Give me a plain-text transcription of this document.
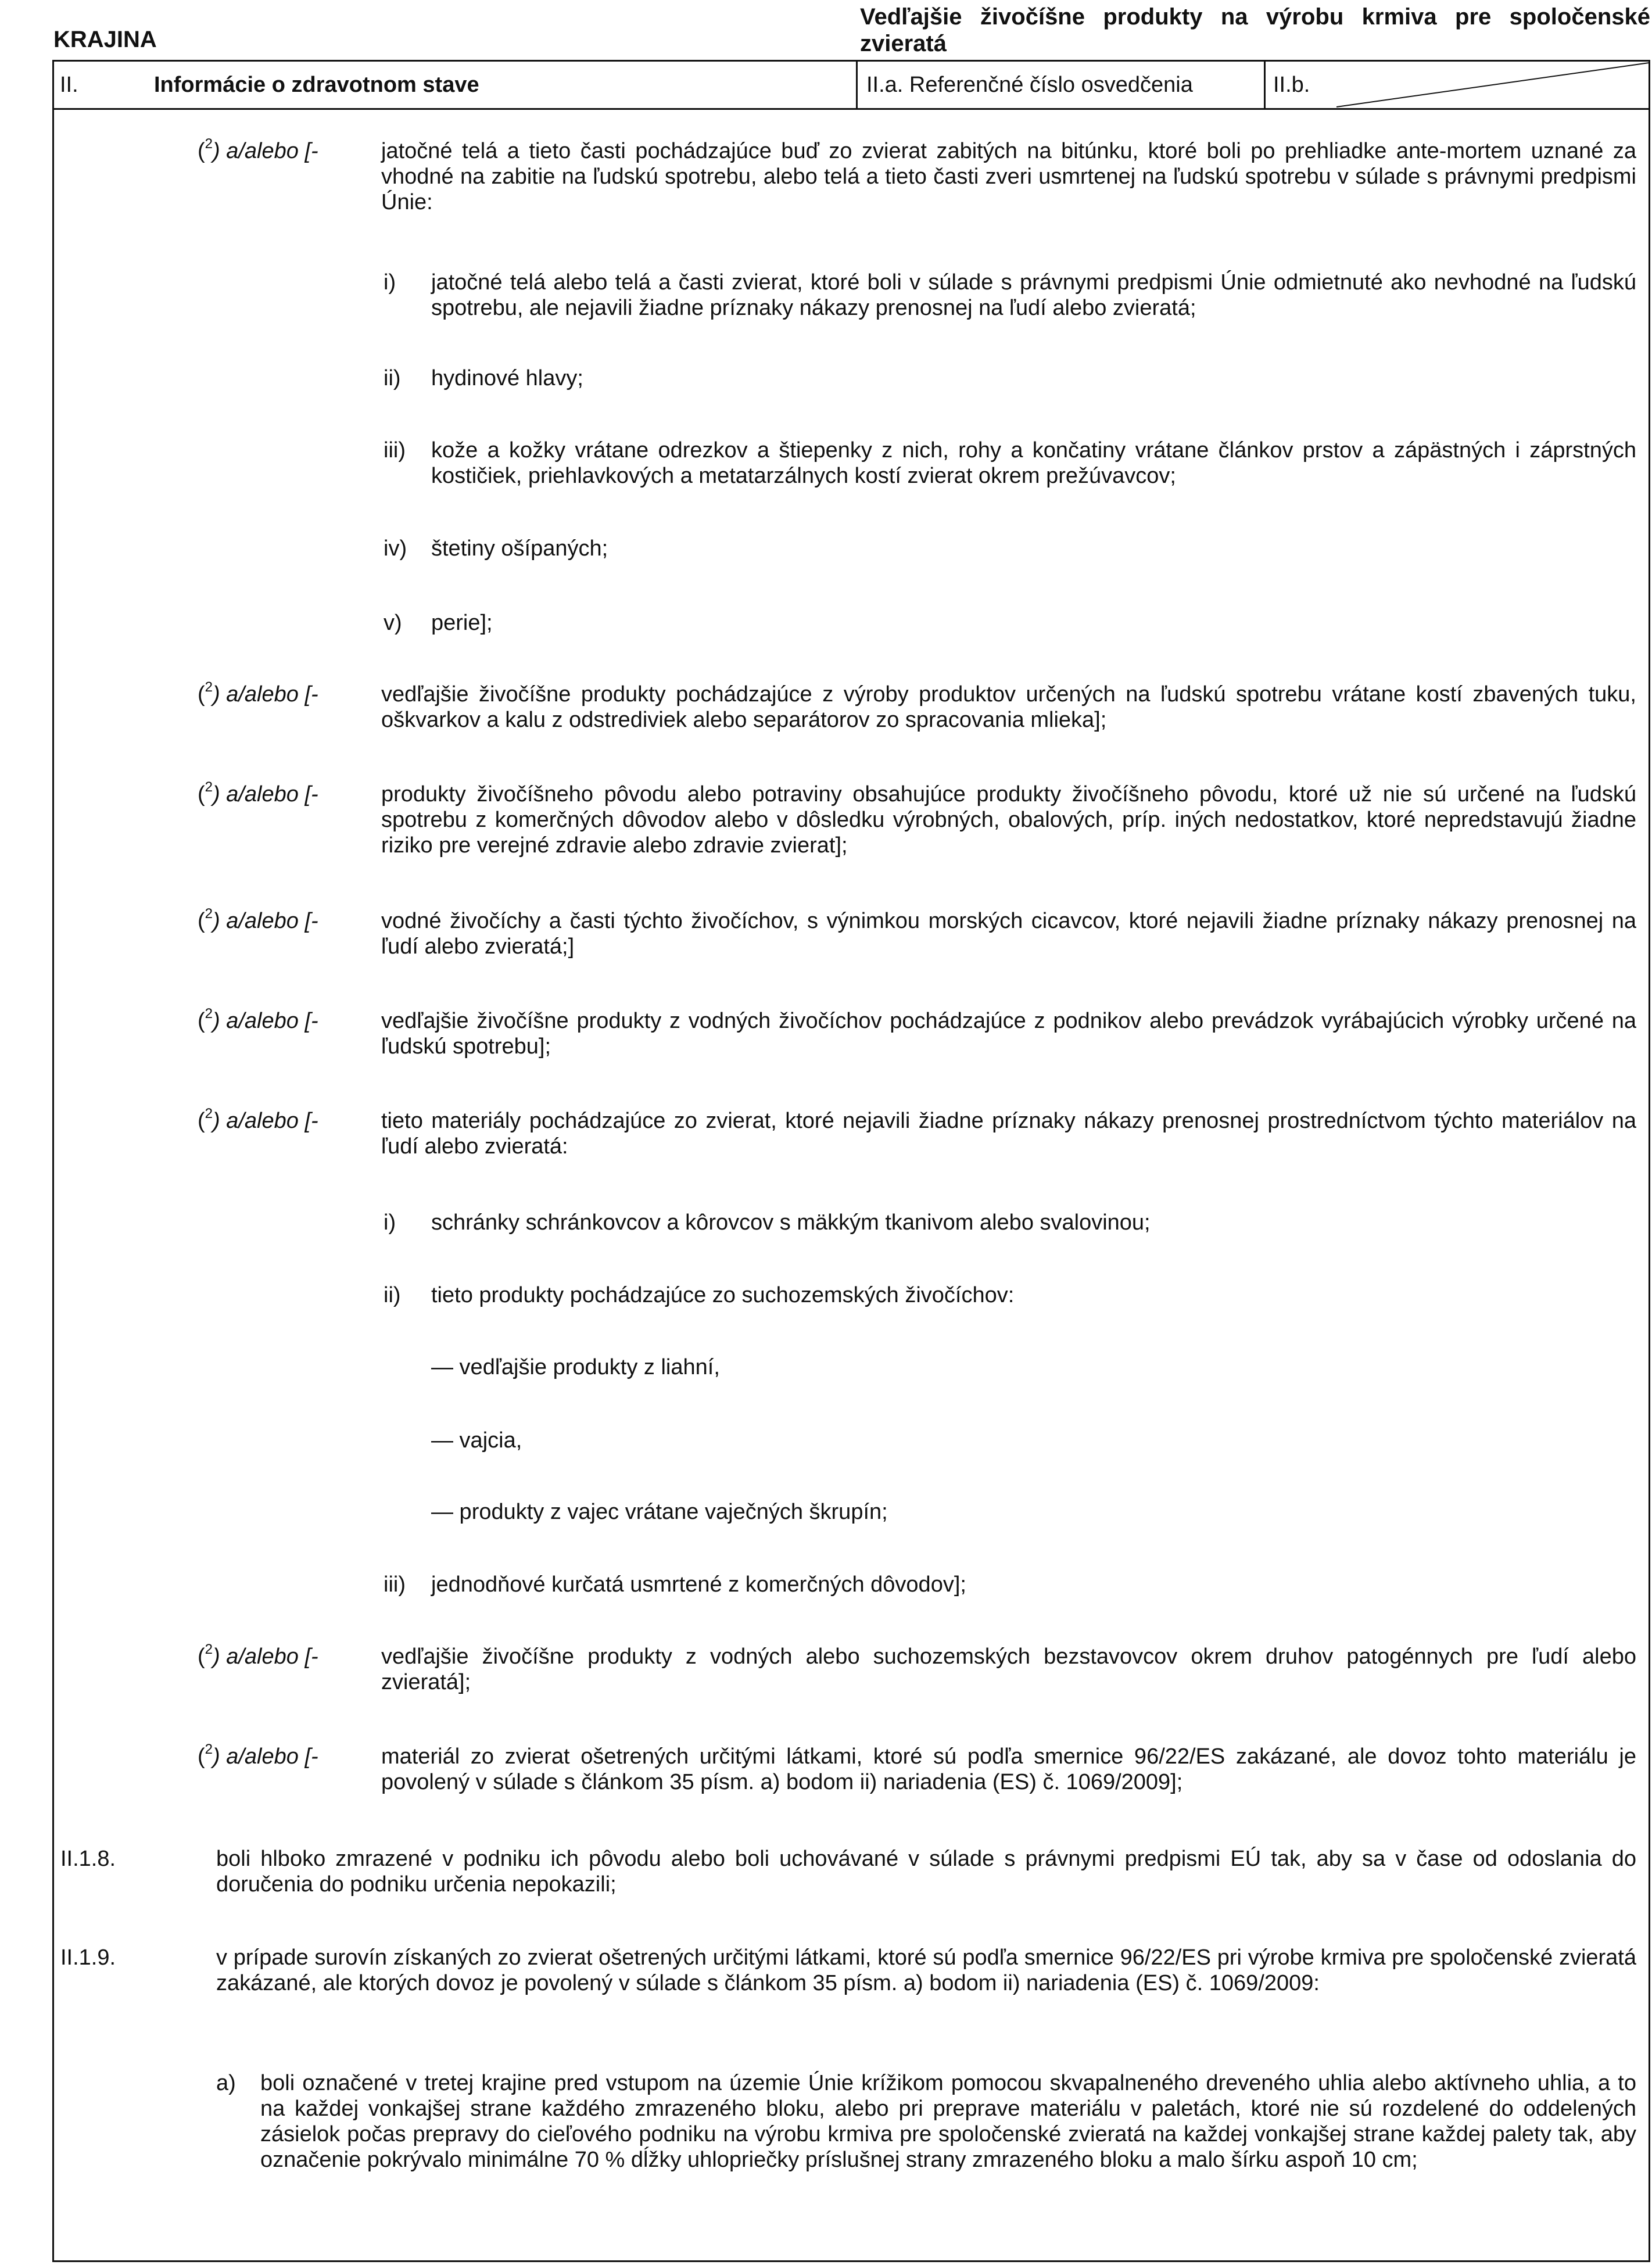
KRAJINA
Vedľajšie živočíšne produkty na výrobu krmiva pre spoločenské zvieratá
II.	Informácie o zdravotnom stave	II.a. Referenčné číslo osvedčenia	II.b.
($^2$) a/alebo [-	jatočné telá a tieto časti pochádzajúce buď zo zvierat zabitých na bitúnku, ktoré boli po prehliadke ante-mortem uznané za vhodné na zabitie na ľudskú spotrebu, alebo telá a tieto časti zveri usmrtenej na ľudskú spotrebu v súlade s právnymi predpismi Únie:
i) jatočné telá alebo telá a časti zvierat, ktoré boli v súlade s právnymi predpismi Únie odmietnuté ako nevhodné na ľudskú spotrebu, ale nejavili žiadne príznaky nákazy prenosnej na ľudí alebo zvieratá;
ii) hydinové hlavy;
iii) kože a kožky vrátane odrezkov a štiepenky z nich, rohy a končatiny vrátane článkov prstov a zápästných i záprstných kostičiek, priehlavkových a metatarzálnych kostí zvierat okrem prežúvavcov;
iv) štetiny ošípaných;
v) perie];
($^2$) a/alebo [-	vedľajšie živočíšne produkty pochádzajúce z výroby produktov určených na ľudskú spotrebu vrátane kostí zbavených tuku, oškvarkov a kalu z odstrediviek alebo separátorov zo spracovania mlieka];
($^2$) a/alebo [-	produkty živočíšneho pôvodu alebo potraviny obsahujúce produkty živočíšneho pôvodu, ktoré už nie sú určené na ľudskú spotrebu z komerčných dôvodov alebo v dôsledku výrobných, obalových, príp. iných nedostatkov, ktoré nepredstavujú žiadne riziko pre verejné zdravie alebo zdravie zvierat];
($^2$) a/alebo [-	vodné živočíchy a časti týchto živočíchov, s výnimkou morských cicavcov, ktoré nejavili žiadne príznaky nákazy prenosnej na ľudí alebo zvieratá;]
($^2$) a/alebo [-	vedľajšie živočíšne produkty z vodných živočíchov pochádzajúce z podnikov alebo prevádzok vyrábajúcich výrobky určené na ľudskú spotrebu];
($^2$) a/alebo [-	tieto materiály pochádzajúce zo zvierat, ktoré nejavili žiadne príznaky nákazy prenosnej prostredníctvom týchto materiálov na ľudí alebo zvieratá:
i) schránky schránkovcov a kôrovcov s mäkkým tkanivom alebo svalovinou;
ii) tieto produkty pochádzajúce zo suchozemských živočíchov:
— vedľajšie produkty z liahní,
— vajcia,
— produkty z vajec vrátane vaječných škrupín;
iii) jednodňové kurčatá usmrtené z komerčných dôvodov];
($^2$) a/alebo [-	vedľajšie živočíšne produkty z vodných alebo suchozemských bezstavovcov okrem druhov patogénnych pre ľudí alebo zvieratá];
($^2$) a/alebo [-	materiál zo zvierat ošetrených určitými látkami, ktoré sú podľa smernice 96/22/ES zakázané, ale dovoz tohto materiálu je povolený v súlade s článkom 35 písm. a) bodom ii) nariadenia (ES) č. 1069/2009];
II.1.8.	boli hlboko zmrazené v podniku ich pôvodu alebo boli uchovávané v súlade s právnymi predpismi EÚ tak, aby sa v čase od odoslania do doručenia do podniku určenia nepokazili;
II.1.9.	v prípade surovín získaných zo zvierat ošetrených určitými látkami, ktoré sú podľa smernice 96/22/ES pri výrobe krmiva pre spoločenské zvieratá zakázané, ale ktorých dovoz je povolený v súlade s článkom 35 písm. a) bodom ii) nariadenia (ES) č. 1069/2009:
a) boli označené v tretej krajine pred vstupom na územie Únie krížikom pomocou skvapalneného dreveného uhlia alebo aktívneho uhlia, a to na každej vonkajšej strane každého zmrazeného bloku, alebo pri preprave materiálu v paletách, ktoré nie sú rozdelené do oddelených zásielok počas prepravy do cieľového podniku na výrobu krmiva pre spoločenské zvieratá na každej vonkajšej strane každej palety tak, aby označenie pokrývalo minimálne 70 % dĺžky uhlopriečky príslušnej strany zmrazeného bloku a malo šírku aspoň 10 cm;
